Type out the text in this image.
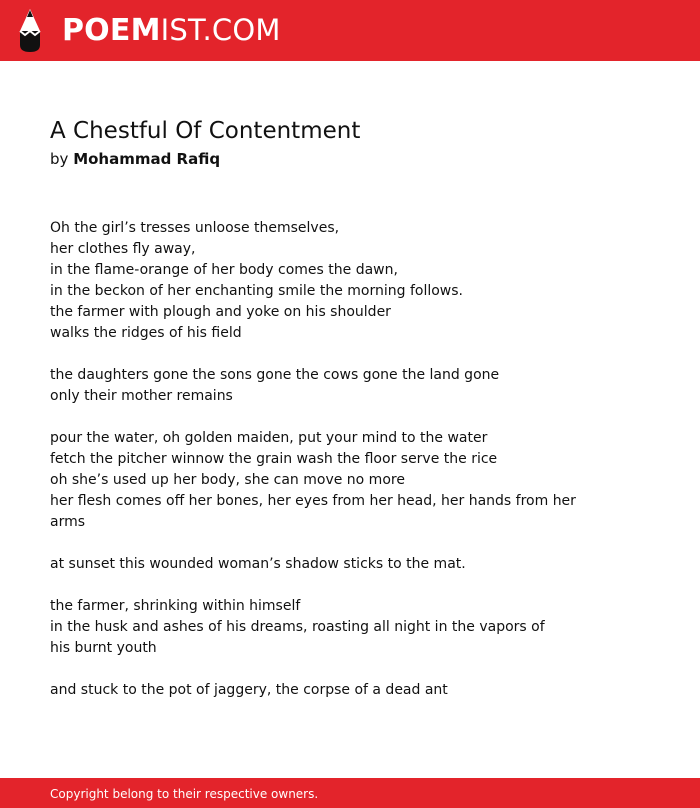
POEMIST.COM
A Chestful Of Contentment
by Mohammad Rafiq
Oh the girl’s tresses unloose themselves,
her clothes fly away,
in the flame-orange of her body comes the dawn,
in the beckon of her enchanting smile the morning follows.
the farmer with plough and yoke on his shoulder
walks the ridges of his field
the daughters gone the sons gone the cows gone the land gone
only their mother remains
pour the water, oh golden maiden, put your mind to the water
fetch the pitcher winnow the grain wash the floor serve the rice
oh she’s used up her body, she can move no more
her flesh comes off her bones, her eyes from her head, her hands from her
arms
at sunset this wounded woman’s shadow sticks to the mat.
the farmer, shrinking within himself
in the husk and ashes of his dreams, roasting all night in the vapors of
his burnt youth
and stuck to the pot of jaggery, the corpse of a dead ant
Copyright belong to their respective owners.
